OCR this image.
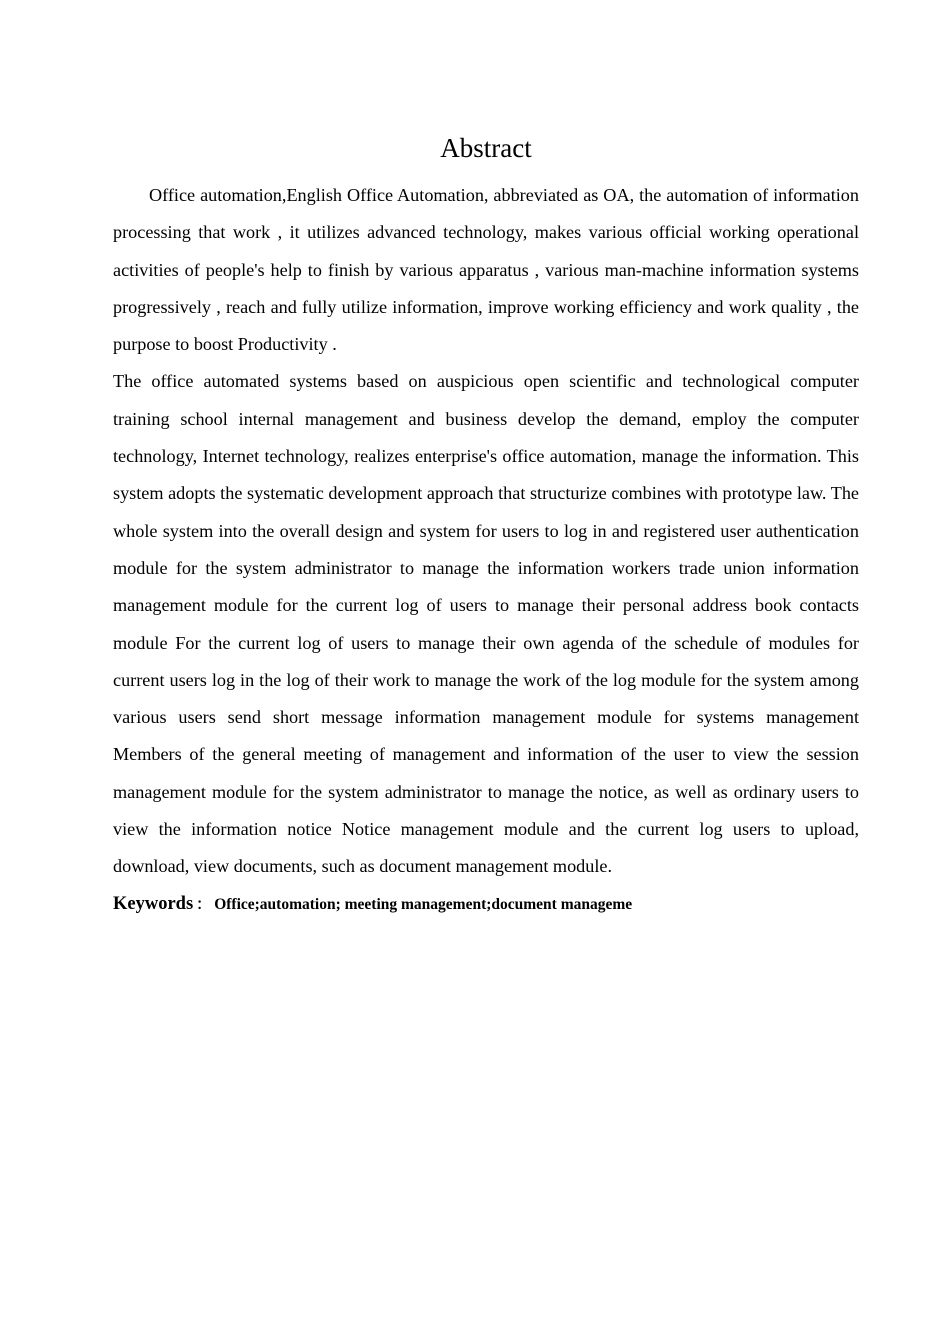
Abstract

Office automation,English Office Automation, abbreviated as OA, the automation of information processing that work , it utilizes advanced technology, makes various official working operational activities of people's help to finish by various apparatus , various man-machine information systems progressively , reach and fully utilize information, improve working efficiency and work quality , the purpose to boost Productivity .

The office automated systems based on auspicious open scientific and technological computer training school internal management and business develop the demand, employ the computer technology, Internet technology, realizes enterprise's office automation, manage the information. This system adopts the systematic development approach that structurize combines with prototype law. The whole system into the overall design and system for users to log in and registered user authentication module for the system administrator to manage the information workers trade union information management module for the current log of users to manage their personal address book contacts module For the current log of users to manage their own agenda of the schedule of modules for current users log in the log of their work to manage the work of the log module for the system among various users send short message information management module for systems management Members of the general meeting of management and information of the user to view the session management module for the system administrator to manage the notice, as well as ordinary users to view the information notice Notice management module and the current log users to upload, download, view documents, such as document management module.

Keywords ： Office;automation; meeting management;document manageme
